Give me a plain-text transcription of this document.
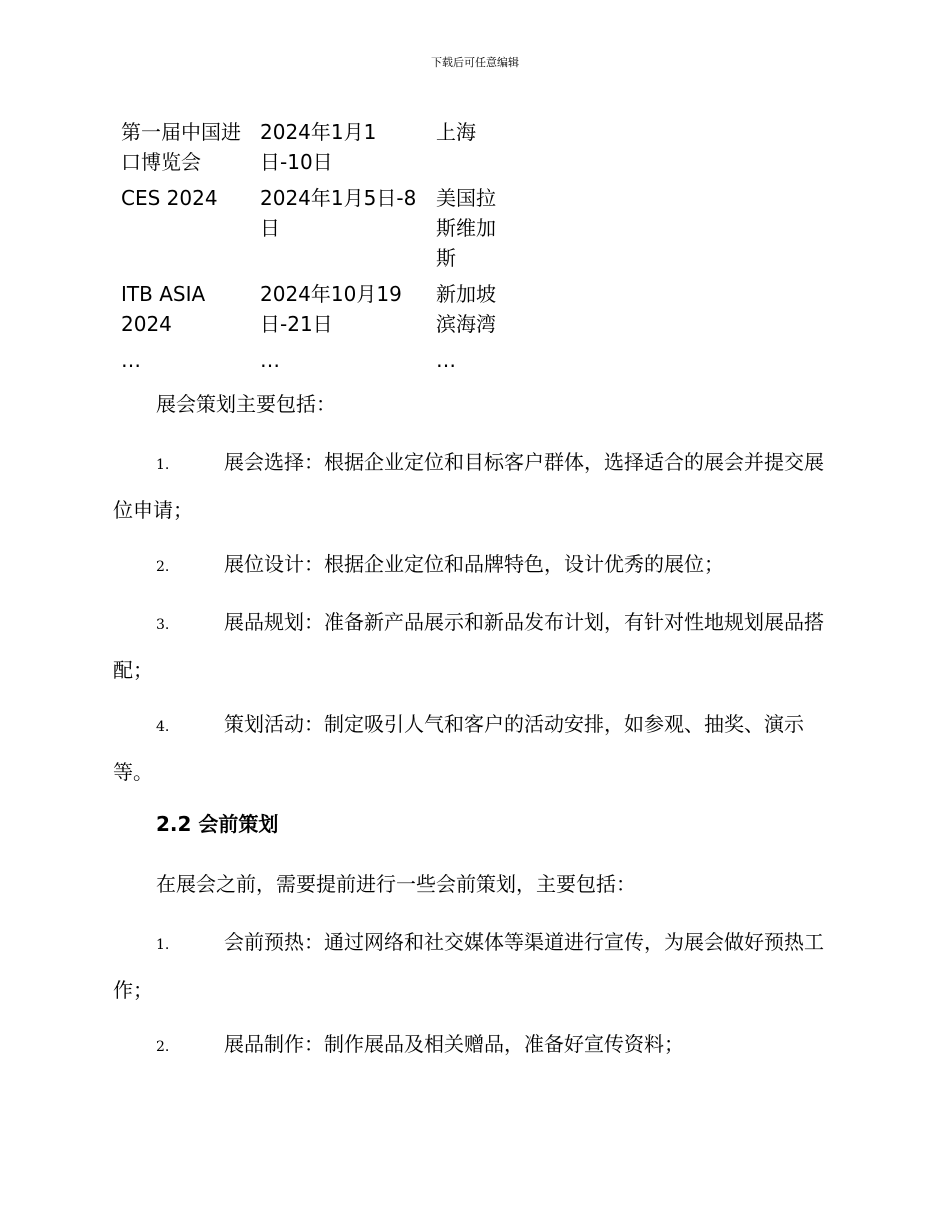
下载后可任意编辑
第一届中国进口博览会	2024年1月1日-10日	上海
CES 2024	2024年1月5日-8日	美国拉斯维加斯
ITB ASIA 2024	2024年10月19日-21日	新加坡滨海湾
…	…	…
展会策划主要包括：
1.	展会选择：根据企业定位和目标客户群体，选择适合的展会并提交展位申请；
2.	展位设计：根据企业定位和品牌特色，设计优秀的展位；
3.	展品规划：准备新产品展示和新品发布计划，有针对性地规划展品搭配；
4.	策划活动：制定吸引人气和客户的活动安排，如参观、抽奖、演示等。
2.2 会前策划
在展会之前，需要提前进行一些会前策划，主要包括：
1.	会前预热：通过网络和社交媒体等渠道进行宣传，为展会做好预热工作；
2.	展品制作：制作展品及相关赠品，准备好宣传资料；
